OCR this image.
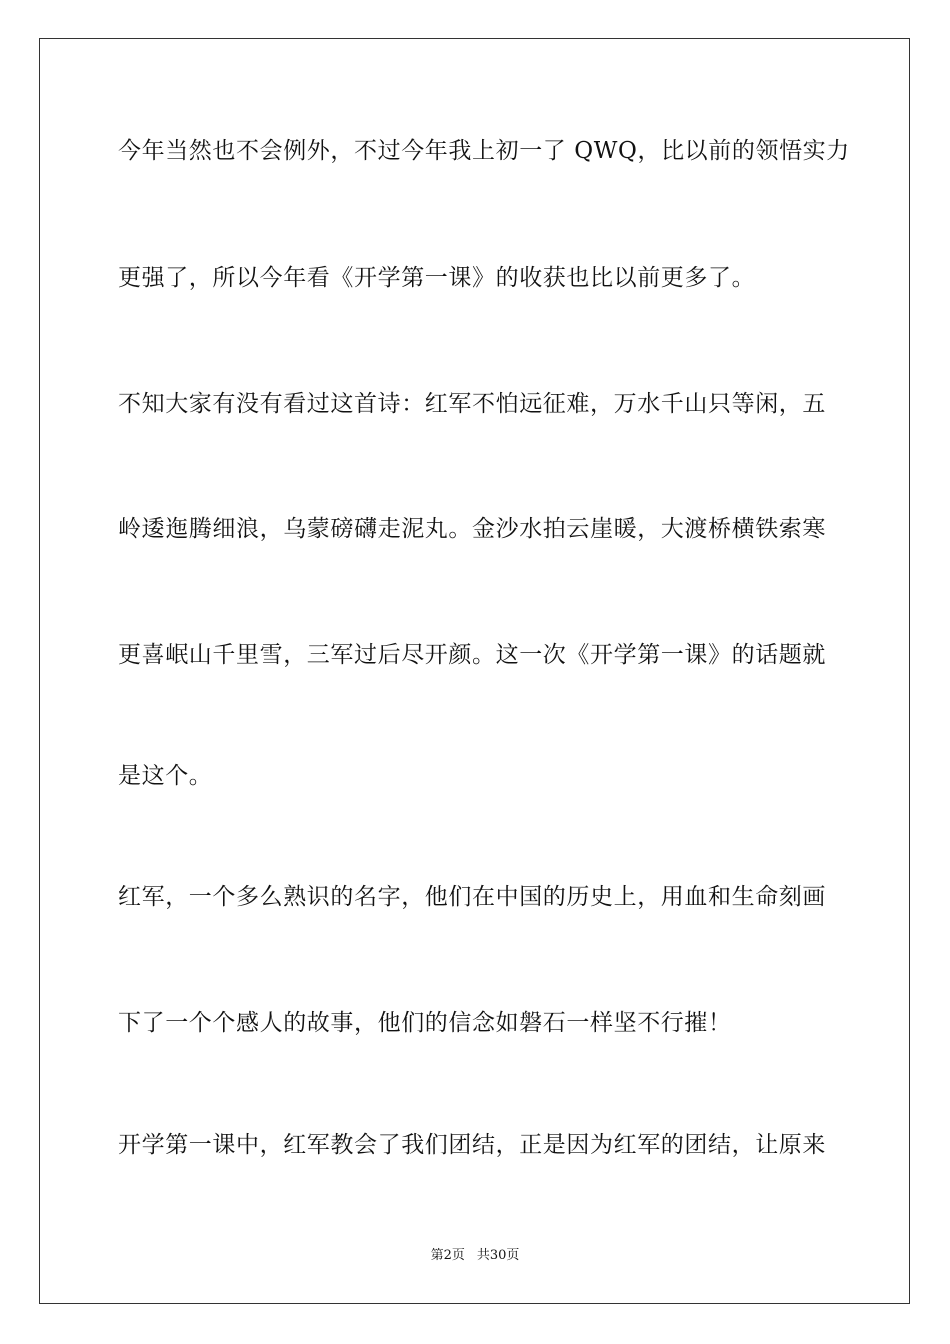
今年当然也不会例外，不过今年我上初一了 QWQ，比以前的领悟实力
更强了，所以今年看《开学第一课》的收获也比以前更多了。
不知大家有没有看过这首诗：红军不怕远征难，万水千山只等闲，五
岭逶迤腾细浪，乌蒙磅礴走泥丸。金沙水拍云崖暖，大渡桥横铁索寒
更喜岷山千里雪，三军过后尽开颜。这一次《开学第一课》的话题就
是这个。
红军，一个多么熟识的名字，他们在中国的历史上，用血和生命刻画
下了一个个感人的故事，他们的信念如磐石一样坚不行摧！
开学第一课中，红军教会了我们团结，正是因为红军的团结，让原来
第2页 共30页
